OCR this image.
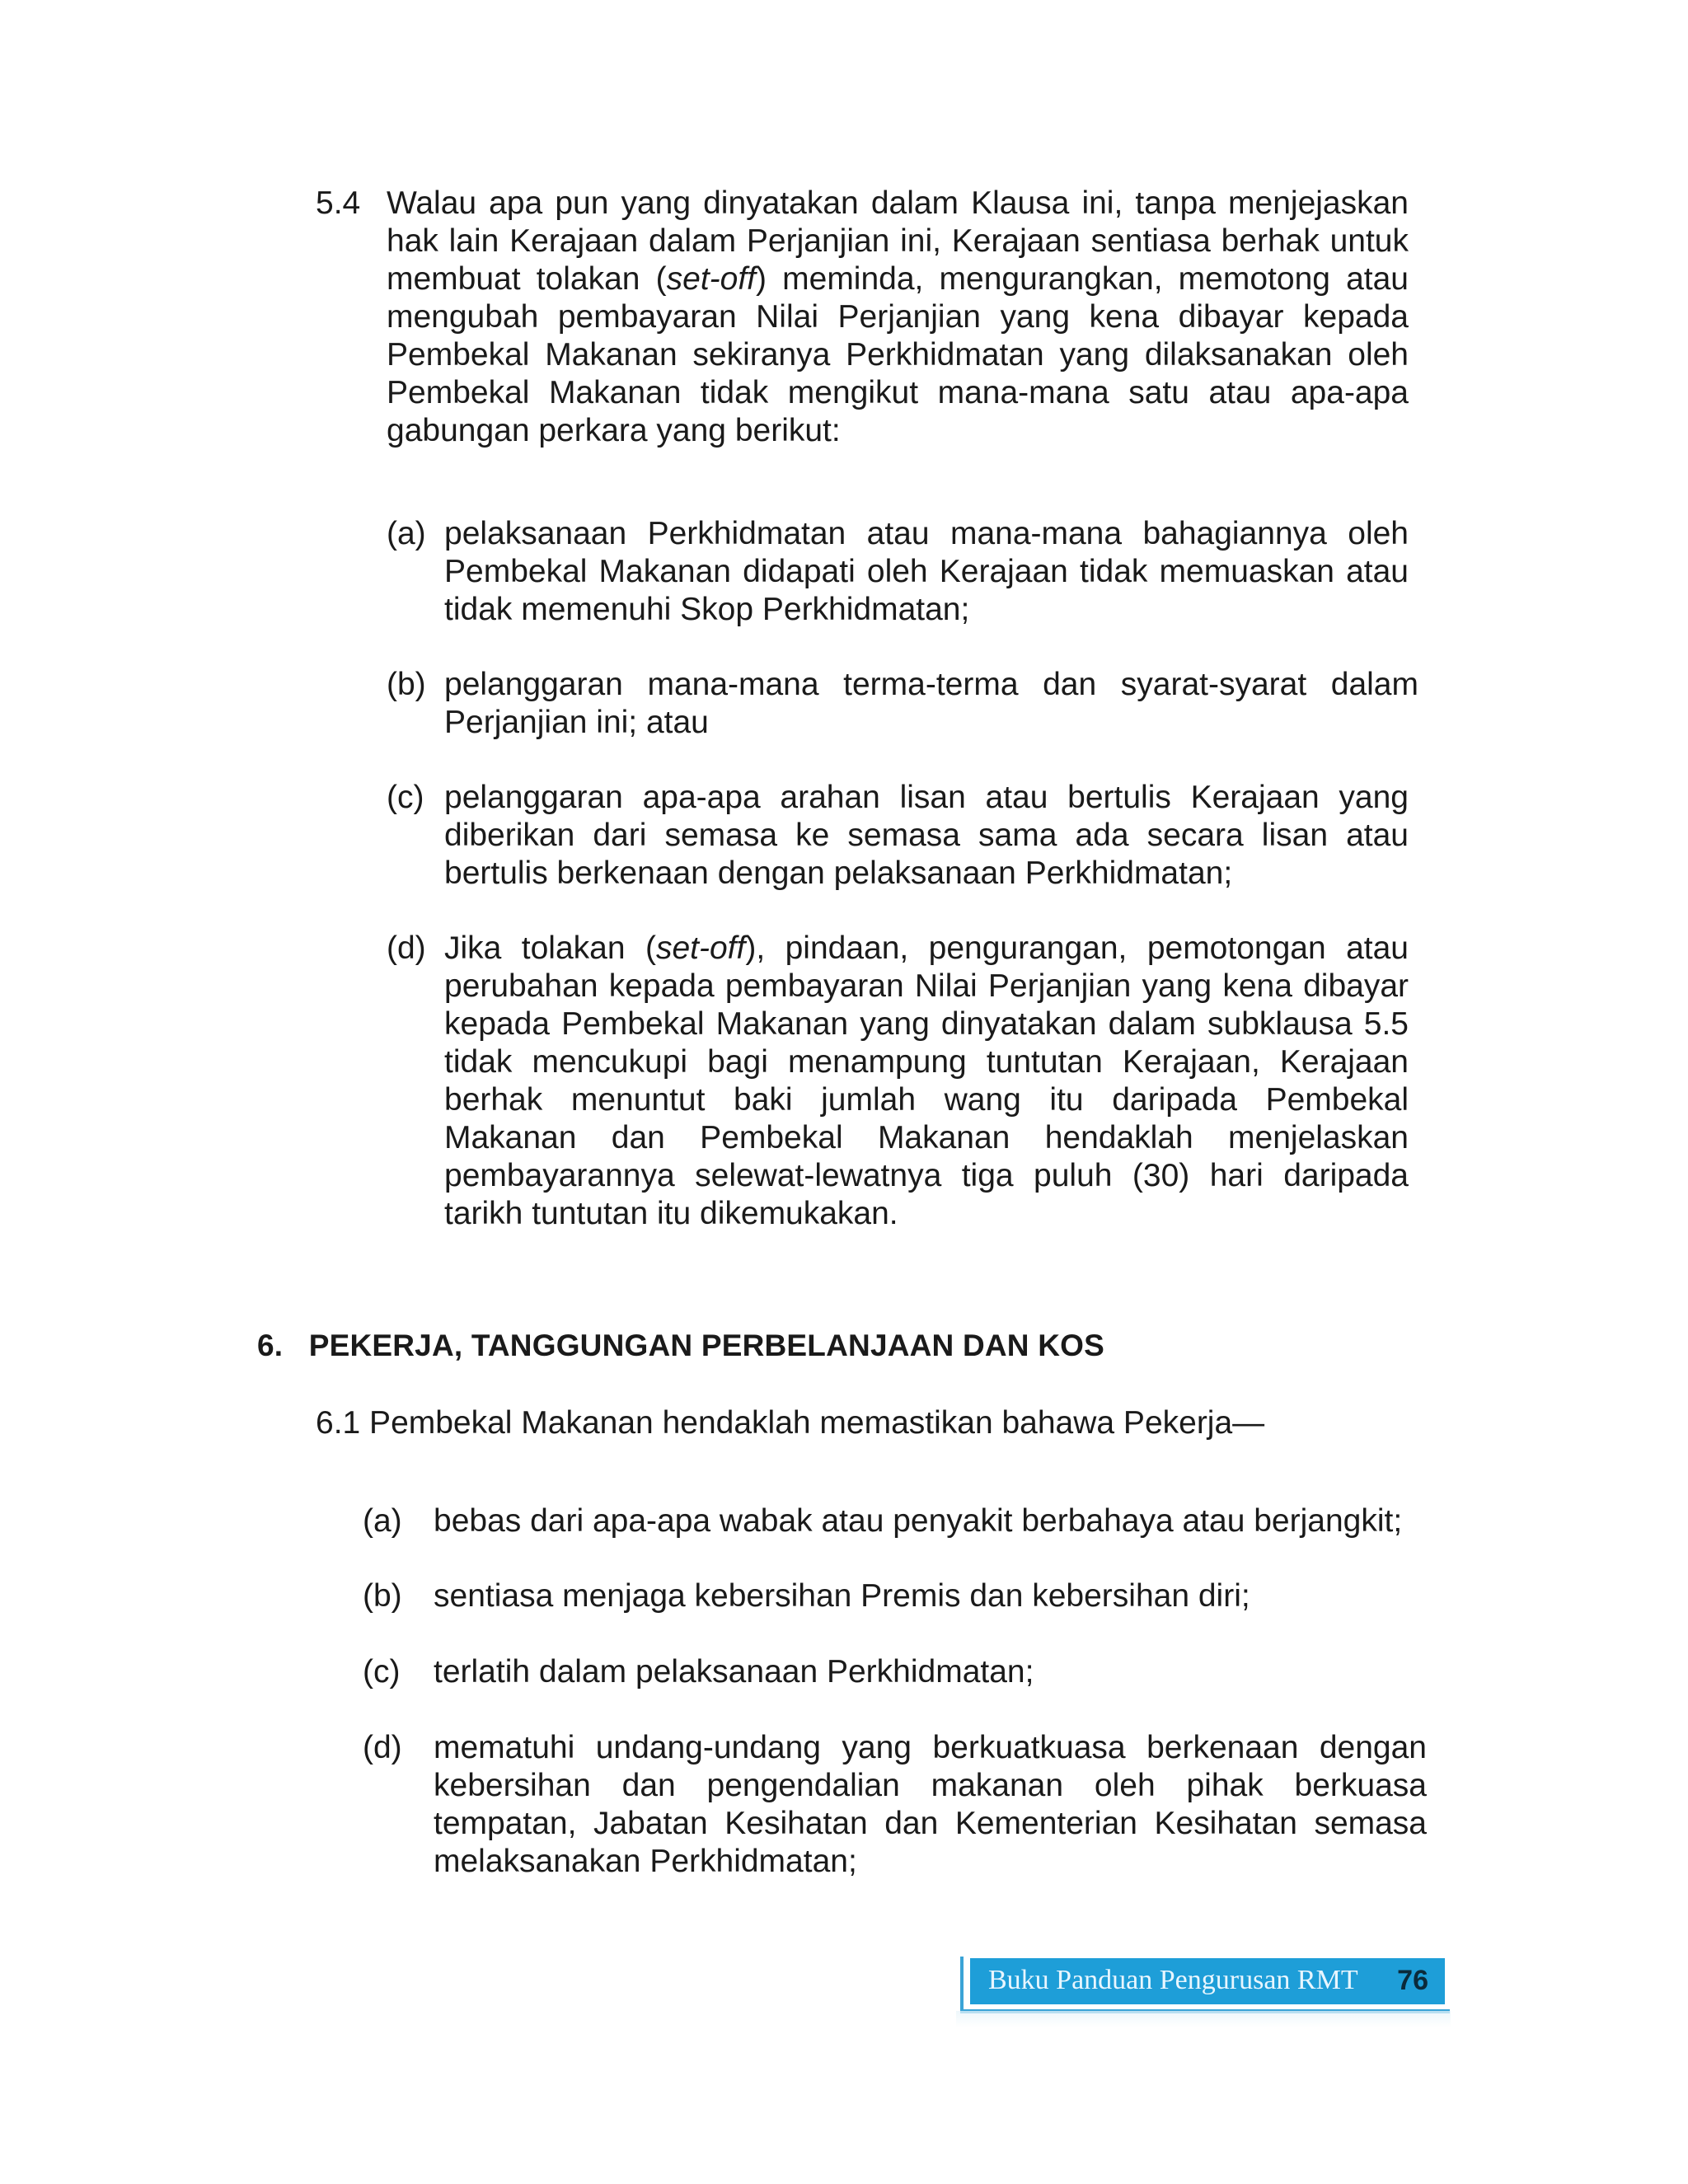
5.4 Walau apa pun yang dinyatakan dalam Klausa ini, tanpa menjejaskan hak lain Kerajaan dalam Perjanjian ini, Kerajaan sentiasa berhak untuk membuat tolakan (set-off) meminda, mengurangkan, memotong atau mengubah pembayaran Nilai Perjanjian yang kena dibayar kepada Pembekal Makanan sekiranya Perkhidmatan yang dilaksanakan oleh Pembekal Makanan tidak mengikut mana-mana satu atau apa-apa gabungan perkara yang berikut:
(a) pelaksanaan Perkhidmatan atau mana-mana bahagiannya oleh Pembekal Makanan didapati oleh Kerajaan tidak memuaskan atau tidak memenuhi Skop Perkhidmatan;
(b) pelanggaran mana-mana terma-terma dan syarat-syarat dalam Perjanjian ini; atau
(c) pelanggaran apa-apa arahan lisan atau bertulis Kerajaan yang diberikan dari semasa ke semasa sama ada secara lisan atau bertulis berkenaan dengan pelaksanaan Perkhidmatan;
(d) Jika tolakan (set-off), pindaan, pengurangan, pemotongan atau perubahan kepada pembayaran Nilai Perjanjian yang kena dibayar kepada Pembekal Makanan yang dinyatakan dalam subklausa 5.5 tidak mencukupi bagi menampung tuntutan Kerajaan, Kerajaan berhak menuntut baki jumlah wang itu daripada Pembekal Makanan dan Pembekal Makanan hendaklah menjelaskan pembayarannya selewat-lewatnya tiga puluh (30) hari daripada tarikh tuntutan itu dikemukakan.
6.   PEKERJA, TANGGUNGAN PERBELANJAAN DAN KOS
6.1 Pembekal Makanan hendaklah memastikan bahawa Pekerja—
(a) bebas dari apa-apa wabak atau penyakit berbahaya atau berjangkit;
(b) sentiasa menjaga kebersihan Premis dan kebersihan diri;
(c) terlatih dalam pelaksanaan Perkhidmatan;
(d) mematuhi undang-undang yang berkuatkuasa berkenaan dengan kebersihan dan pengendalian makanan oleh pihak berkuasa tempatan, Jabatan Kesihatan dan Kementerian Kesihatan semasa melaksanakan Perkhidmatan;
Buku Panduan Pengurusan RMT 76
